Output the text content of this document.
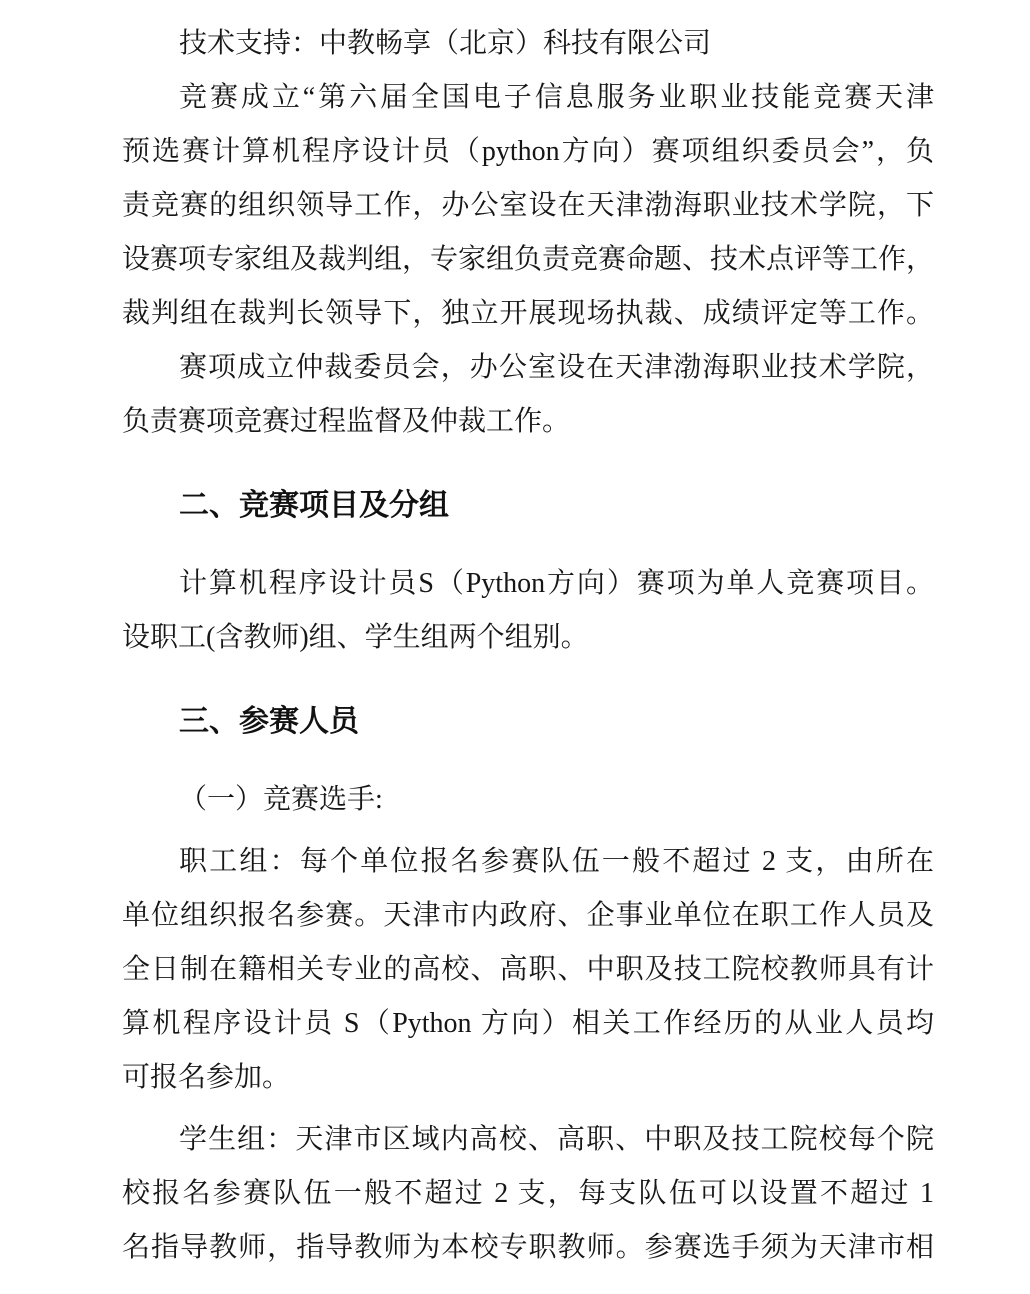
技术支持：中教畅享（北京）科技有限公司
竞赛成立“第六届全国电子信息服务业职业技能竞赛天津
预选赛计算机程序设计员（python方向）赛项组织委员会”，负
责竞赛的组织领导工作，办公室设在天津渤海职业技术学院，下
设赛项专家组及裁判组，专家组负责竞赛命题、技术点评等工作，
裁判组在裁判长领导下，独立开展现场执裁、成绩评定等工作。
赛项成立仲裁委员会，办公室设在天津渤海职业技术学院，
负责赛项竞赛过程监督及仲裁工作。
二、竞赛项目及分组
计算机程序设计员S（Python方向）赛项为单人竞赛项目。
设职工(含教师)组、学生组两个组别。
三、参赛人员
（一）竞赛选手:
职工组：每个单位报名参赛队伍一般不超过 2 支，由所在
单位组织报名参赛。天津市内政府、企事业单位在职工作人员及
全日制在籍相关专业的高校、高职、中职及技工院校教师具有计
算机程序设计员 S（Python 方向）相关工作经历的从业人员均
可报名参加。
学生组：天津市区域内高校、高职、中职及技工院校每个院
校报名参赛队伍一般不超过 2 支，每支队伍可以设置不超过 1
名指导教师，指导教师为本校专职教师。参赛选手须为天津市相
